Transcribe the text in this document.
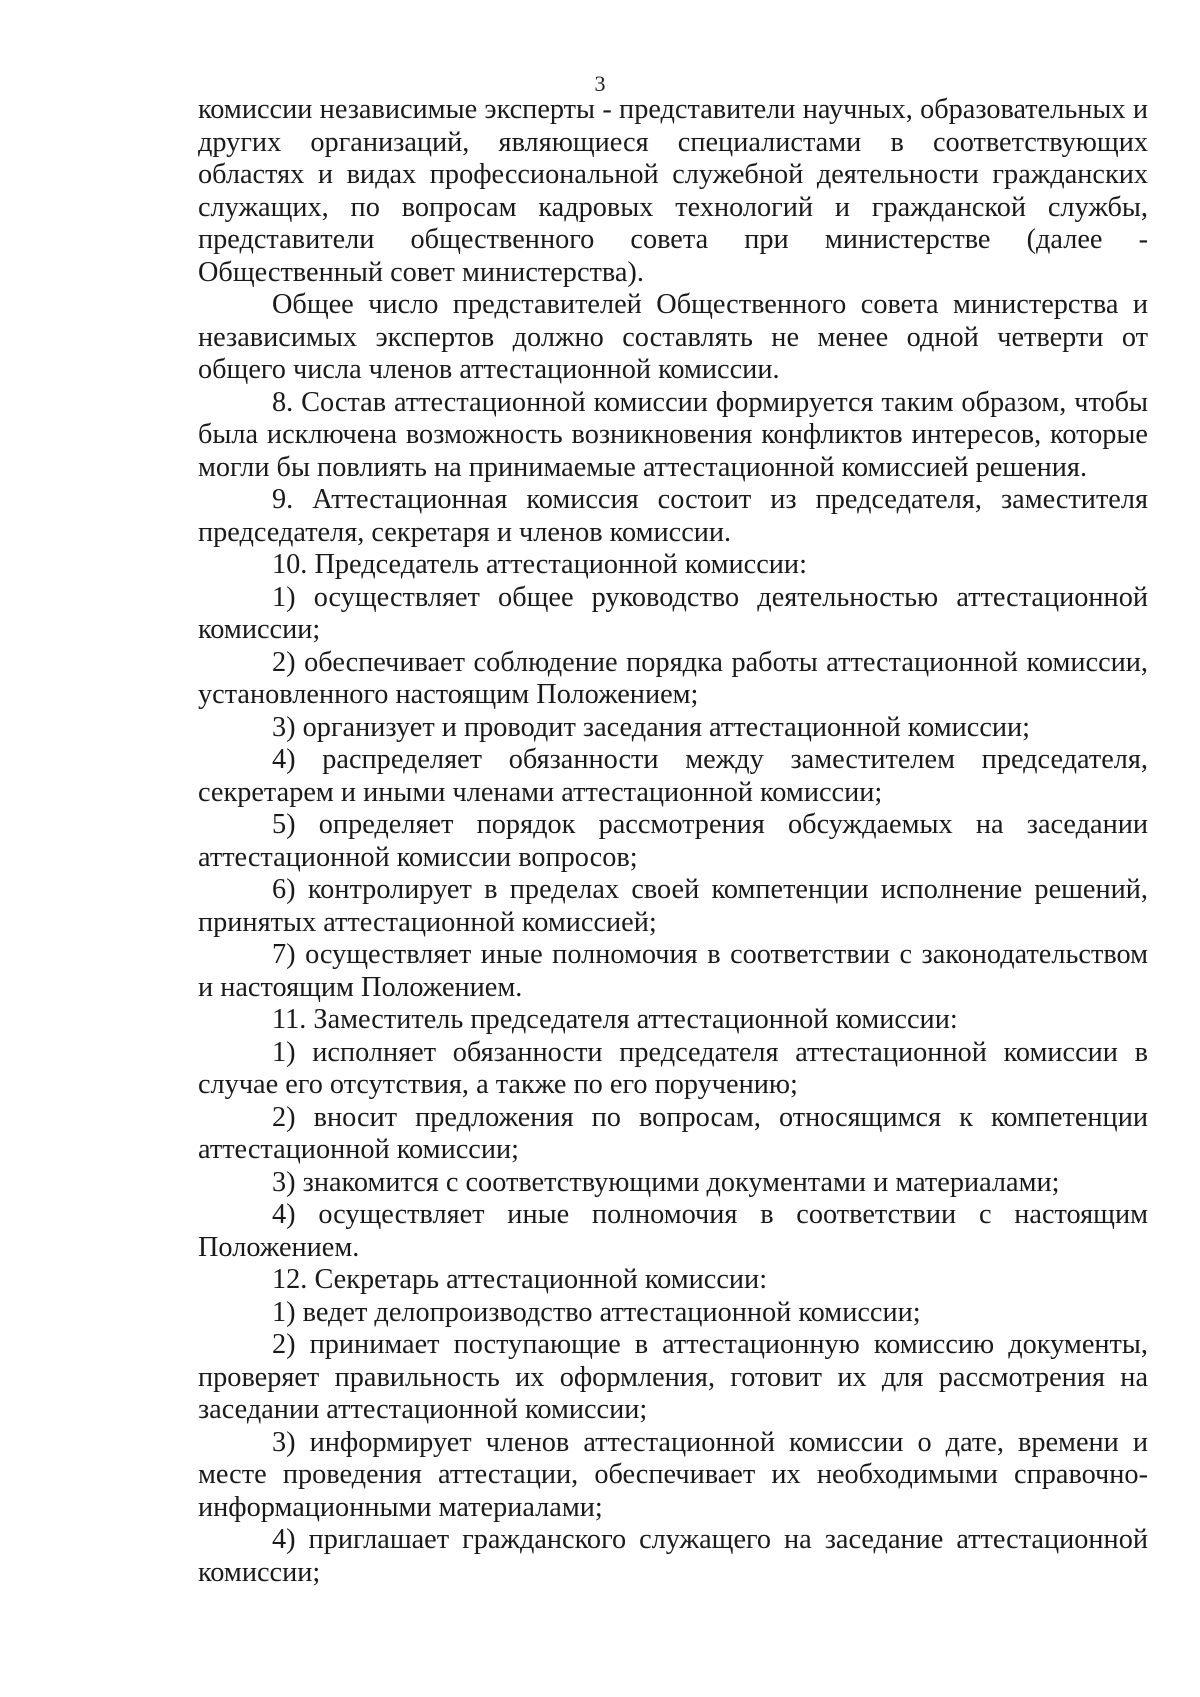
3

комиссии независимые эксперты - представители научных, образовательных и других организаций, являющиеся специалистами в соответствующих областях и видах профессиональной служебной деятельности гражданских служащих, по вопросам кадровых технологий и гражданской службы, представители общественного совета при министерстве (далее - Общественный совет министерства).

Общее число представителей Общественного совета министерства и независимых экспертов должно составлять не менее одной четверти от общего числа членов аттестационной комиссии.

8. Состав аттестационной комиссии формируется таким образом, чтобы была исключена возможность возникновения конфликтов интересов, которые могли бы повлиять на принимаемые аттестационной комиссией решения.

9. Аттестационная комиссия состоит из председателя, заместителя председателя, секретаря и членов комиссии.

10. Председатель аттестационной комиссии:

1) осуществляет общее руководство деятельностью аттестационной комиссии;

2) обеспечивает соблюдение порядка работы аттестационной комиссии, установленного настоящим Положением;

3) организует и проводит заседания аттестационной комиссии;

4) распределяет обязанности между заместителем председателя, секретарем и иными членами аттестационной комиссии;

5) определяет порядок рассмотрения обсуждаемых на заседании аттестационной комиссии вопросов;

6) контролирует в пределах своей компетенции исполнение решений, принятых аттестационной комиссией;

7) осуществляет иные полномочия в соответствии с законодательством и настоящим Положением.

11. Заместитель председателя аттестационной комиссии:

1) исполняет обязанности председателя аттестационной комиссии в случае его отсутствия, а также по его поручению;

2) вносит предложения по вопросам, относящимся к компетенции аттестационной комиссии;

3) знакомится с соответствующими документами и материалами;

4) осуществляет иные полномочия в соответствии с настоящим Положением.

12. Секретарь аттестационной комиссии:

1) ведет делопроизводство аттестационной комиссии;

2) принимает поступающие в аттестационную комиссию документы, проверяет правильность их оформления, готовит их для рассмотрения на заседании аттестационной комиссии;

3) информирует членов аттестационной комиссии о дате, времени и месте проведения аттестации, обеспечивает их необходимыми справочно-информационными материалами;

4) приглашает гражданского служащего на заседание аттестационной комиссии;
